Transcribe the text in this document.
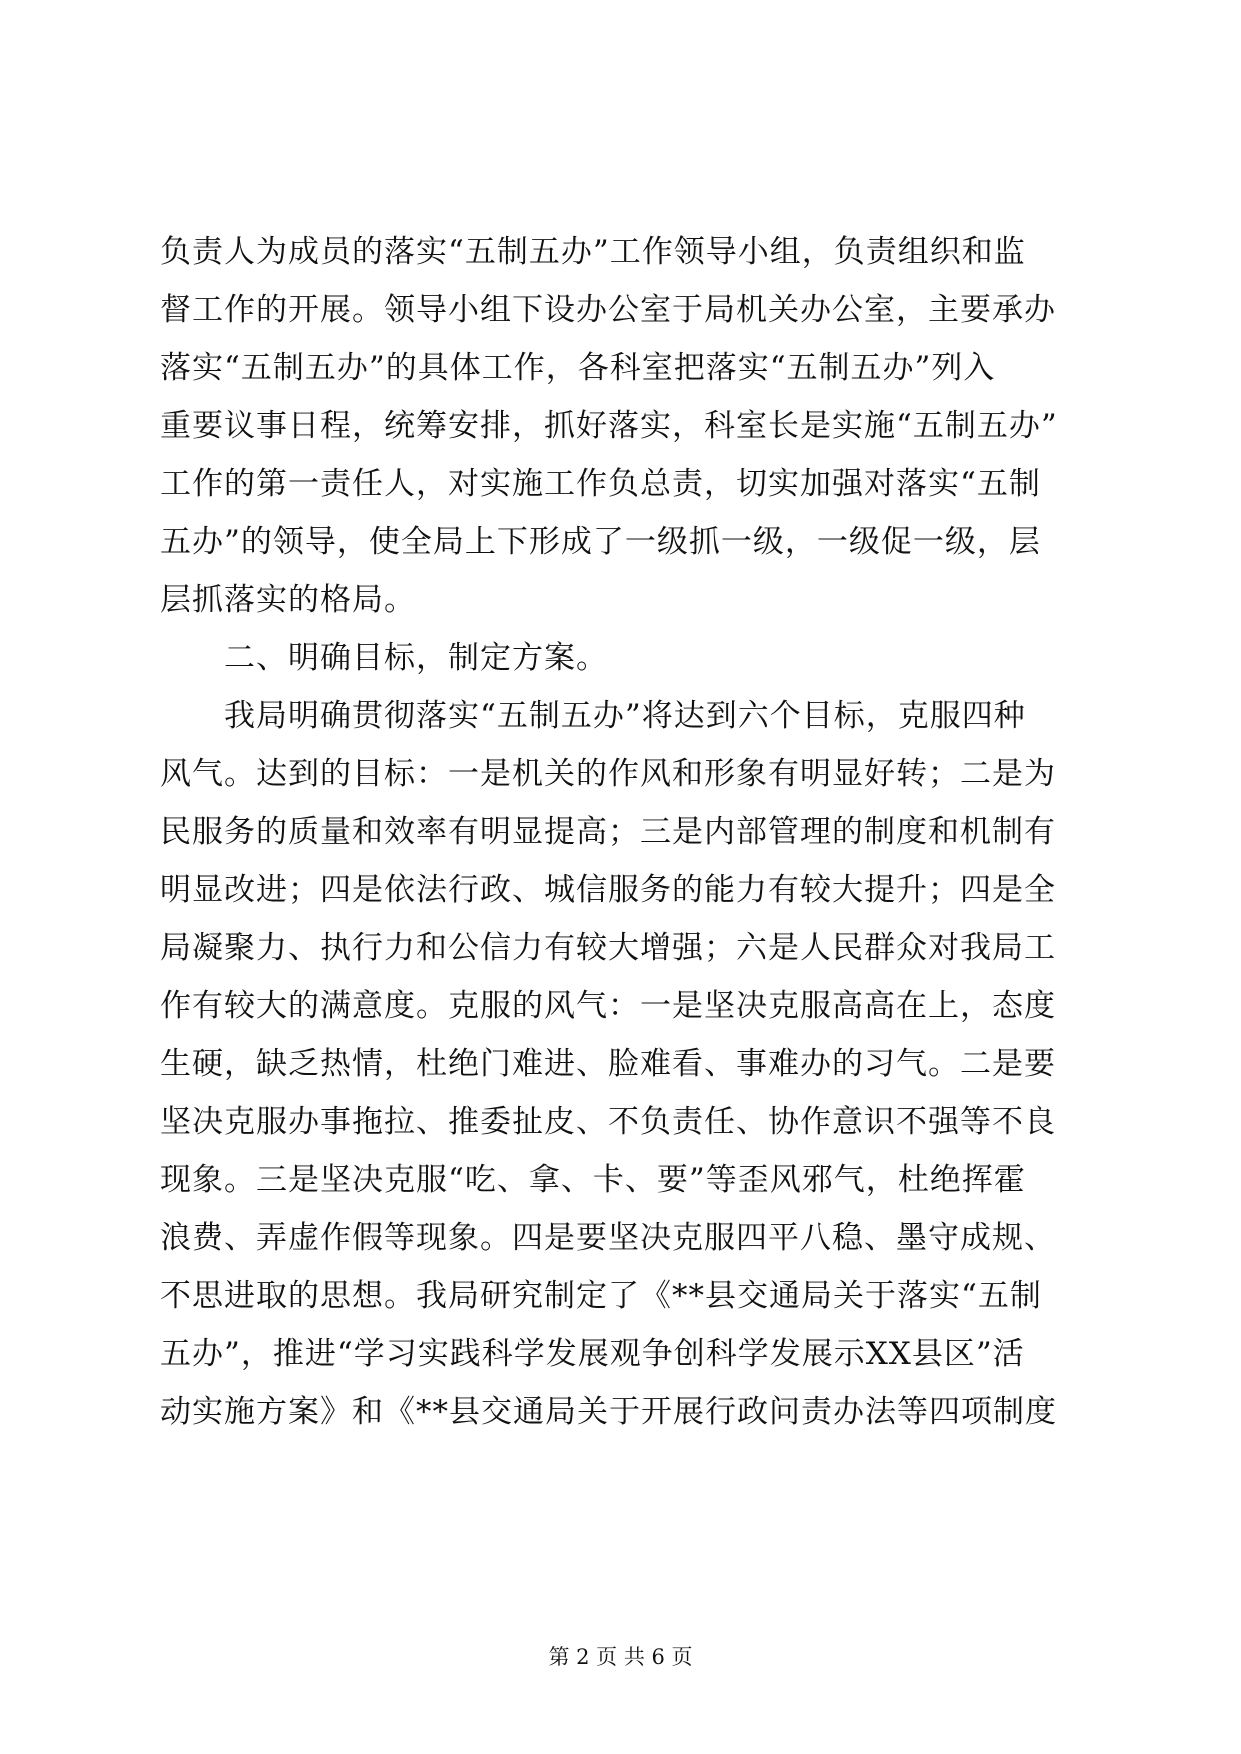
负责人为成员的落实“五制五办”工作领导小组，负责组织和监
督工作的开展。领导小组下设办公室于局机关办公室，主要承办
落实“五制五办”的具体工作，各科室把落实“五制五办”列入
重要议事日程，统筹安排，抓好落实，科室长是实施“五制五办”
工作的第一责任人，对实施工作负总责，切实加强对落实“五制
五办”的领导，使全局上下形成了一级抓一级，一级促一级，层
层抓落实的格局。
二、明确目标，制定方案。
我局明确贯彻落实“五制五办”将达到六个目标，克服四种
风气。达到的目标：一是机关的作风和形象有明显好转；二是为
民服务的质量和效率有明显提高；三是内部管理的制度和机制有
明显改进；四是依法行政、城信服务的能力有较大提升；四是全
局凝聚力、执行力和公信力有较大增强；六是人民群众对我局工
作有较大的满意度。克服的风气：一是坚决克服高高在上，态度
生硬，缺乏热情，杜绝门难进、脸难看、事难办的习气。二是要
坚决克服办事拖拉、推委扯皮、不负责任、协作意识不强等不良
现象。三是坚决克服“吃、拿、卡、要”等歪风邪气，杜绝挥霍
浪费、弄虚作假等现象。四是要坚决克服四平八稳、墨守成规、
不思进取的思想。我局研究制定了《**县交通局关于落实“五制
五办”，推进“学习实践科学发展观争创科学发展示XX县区”活
动实施方案》和《**县交通局关于开展行政问责办法等四项制度
第 2 页 共 6 页
